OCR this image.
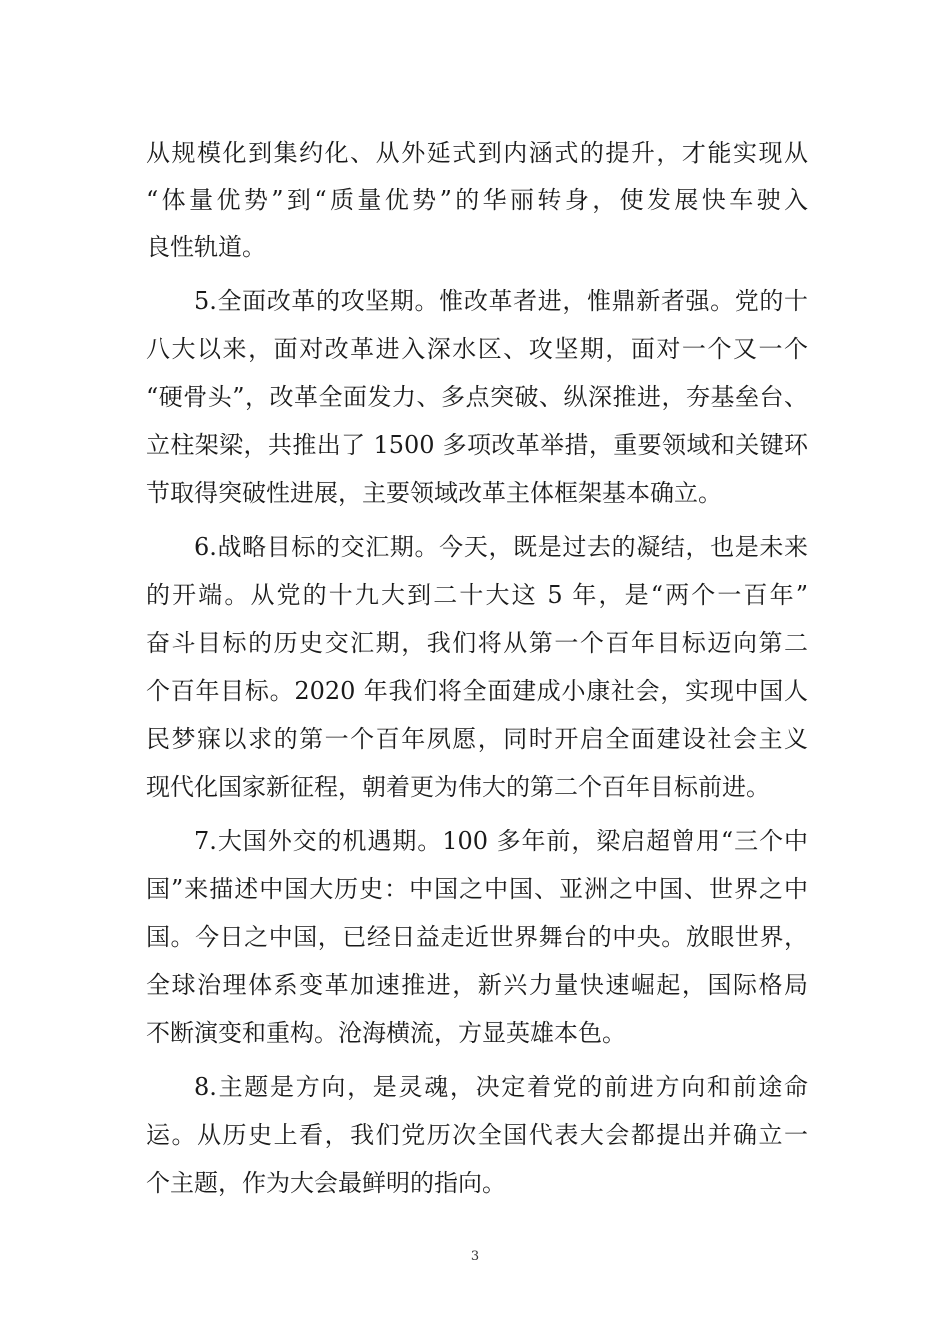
从规模化到集约化、从外延式到内涵式的提升，才能实现从
“体量优势”到“质量优势”的华丽转身，使发展快车驶入
良性轨道。
5.全面改革的攻坚期。惟改革者进，惟鼎新者强。党的十
八大以来，面对改革进入深水区、攻坚期，面对一个又一个
“硬骨头”，改革全面发力、多点突破、纵深推进，夯基垒台、
立柱架梁，共推出了 1500 多项改革举措，重要领域和关键环
节取得突破性进展，主要领域改革主体框架基本确立。
6.战略目标的交汇期。今天，既是过去的凝结，也是未来
的开端。从党的十九大到二十大这 5 年，是“两个一百年”
奋斗目标的历史交汇期，我们将从第一个百年目标迈向第二
个百年目标。2020 年我们将全面建成小康社会，实现中国人
民梦寐以求的第一个百年夙愿，同时开启全面建设社会主义
现代化国家新征程，朝着更为伟大的第二个百年目标前进。
7.大国外交的机遇期。100 多年前，梁启超曾用“三个中
国”来描述中国大历史：中国之中国、亚洲之中国、世界之中
国。今日之中国，已经日益走近世界舞台的中央。放眼世界，
全球治理体系变革加速推进，新兴力量快速崛起，国际格局
不断演变和重构。沧海横流，方显英雄本色。
8.主题是方向，是灵魂，决定着党的前进方向和前途命
运。从历史上看，我们党历次全国代表大会都提出并确立一
个主题，作为大会最鲜明的指向。
3
